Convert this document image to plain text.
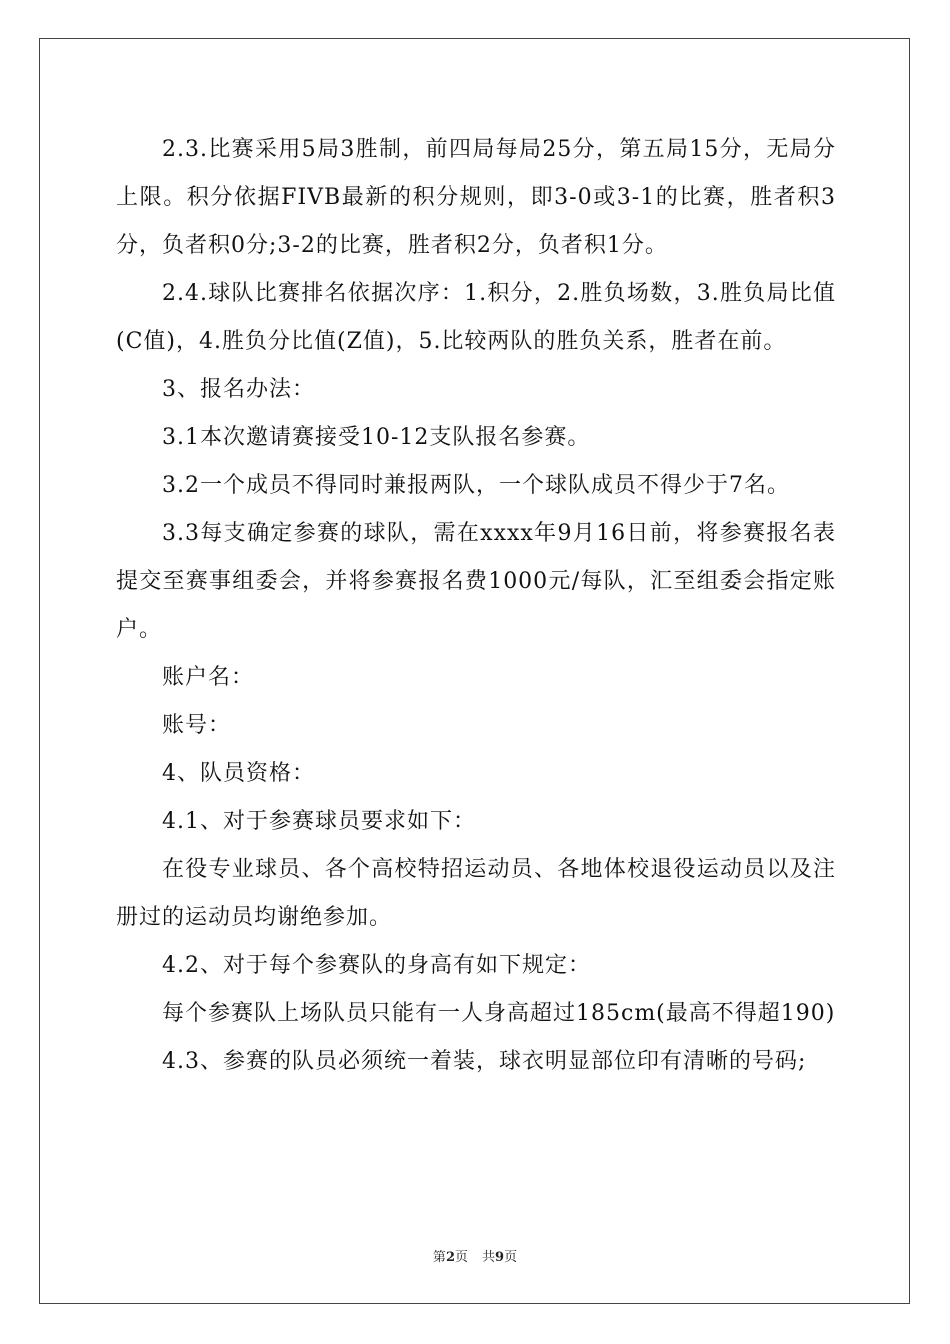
2.3.比赛采用5局3胜制，前四局每局25分，第五局15分，无局分上限。积分依据FIVB最新的积分规则，即3-0或3-1的比赛，胜者积3分，负者积0分;3-2的比赛，胜者积2分，负者积1分。

2.4.球队比赛排名依据次序：1.积分，2.胜负场数，3.胜负局比值(C值)，4.胜负分比值(Z值)，5.比较两队的胜负关系，胜者在前。

3、报名办法：

3.1本次邀请赛接受10-12支队报名参赛。

3.2一个成员不得同时兼报两队，一个球队成员不得少于7名。

3.3每支确定参赛的球队，需在xxxx年9月16日前，将参赛报名表提交至赛事组委会，并将参赛报名费1000元/每队，汇至组委会指定账户。

账户名：

账号：

4、队员资格：

4.1、对于参赛球员要求如下：

在役专业球员、各个高校特招运动员、各地体校退役运动员以及注册过的运动员均谢绝参加。

4.2、对于每个参赛队的身高有如下规定：

每个参赛队上场队员只能有一人身高超过185cm(最高不得超190)

4.3、参赛的队员必须统一着装，球衣明显部位印有清晰的号码;

第2页 共9页
